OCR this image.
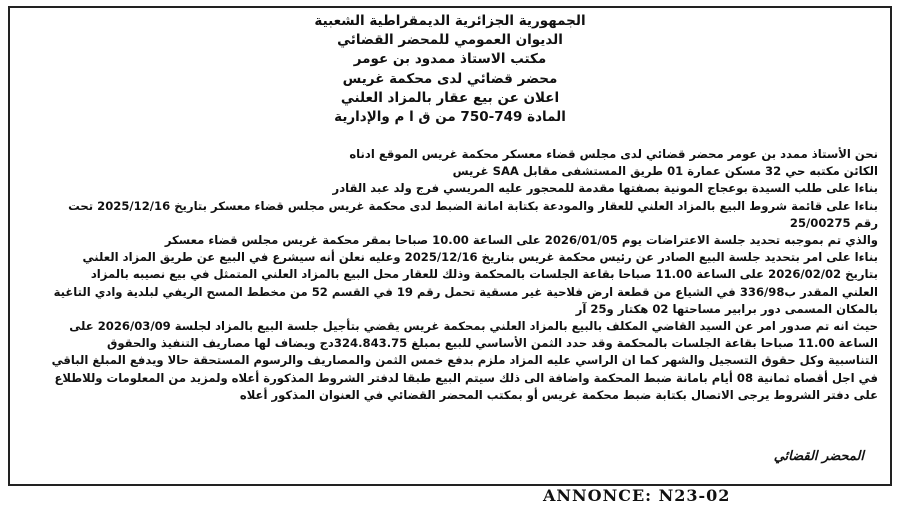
الجمهورية الجزائرية الديمقراطية الشعبية
الديوان العمومي للمحضر القضائي
مكتب الاستاذ ممدود بن عومر
محضر قضائي لدى محكمة غريس
اعلان عن بيع عقار بالمزاد العلني
المادة 749-750 من ق ا م والإدارية
نحن الأستاذ ممدد بن عومر محضر قضائي لدى مجلس قضاء معسكر محكمة غريس الموقع ادناه
الكائن مكتبه حي 32 مسكن عمارة 01 طريق المستشفى مقابل SAA غريس
بناءا على طلب السيدة بوعجاج المونية بصفتها مقدمة للمحجور عليه المريسي فرج ولد عبد القادر
بناءا على قائمة شروط البيع بالمزاد العلني للعقار والمودعة بكتابة امانة الضبط لدى محكمة غريس مجلس قضاء معسكر بتاريخ 2025/12/16 تحت
رقم 25/00275
والذي تم بموجبه تحديد جلسة الاعتراضات يوم 2026/01/05 على الساعة 10.00 صباحا بمقر محكمة غريس مجلس قضاء معسكر
بناءا على امر بتحديد جلسة البيع الصادر عن رئيس محكمة غريس بتاريخ 2025/12/16 وعليه نعلن أنه سيشرع في البيع عن طريق المزاد العلني
بتاريخ 2026/02/02 على الساعة 11.00 صباحا بقاعة الجلسات بالمحكمة وذلك للعقار محل البيع بالمزاد العلني المتمثل في بيع نصيبه بالمزاد
العلني المقدر ب336/98 في الشياع من قطعة ارض فلاحية غير مسقية تحمل رقم 19 في القسم 52 من مخطط المسح الريفي لبلدية وادي التاغية
بالمكان المسمى دور برابير مساحتها 02 هكتار و25 آر
حيث انه تم صدور امر عن السيد القاضي المكلف بالبيع بالمزاد العلني بمحكمة غريس يقضي بتأجيل جلسة البيع بالمزاد لجلسة 2026/03/09 على
الساعة 11.00 صباحا بقاعة الجلسات بالمحكمة وقد حدد الثمن الأساسي للبيع بمبلغ 324.843.75دج ويضاف لها مصاريف التنفيذ والحقوق
التناسبية وكل حقوق التسجيل والشهر كما ان الراسي عليه المزاد ملزم بدفع خمس الثمن والمصاريف والرسوم المستحقة حالا ويدفع المبلغ الباقي
في اجل أقصاه ثمانية 08 أيام بامانة ضبط المحكمة واضافة الى ذلك سيتم البيع طبقا لدفتر الشروط المذكورة أعلاه ولمزيد من المعلومات وللاطلاع
على دفتر الشروط يرجى الاتصال بكتابة ضبط محكمة غريس أو بمكتب المحضر القضائي في العنوان المذكور أعلاه
المحضر القضائي
ANNONCE: N23-02
